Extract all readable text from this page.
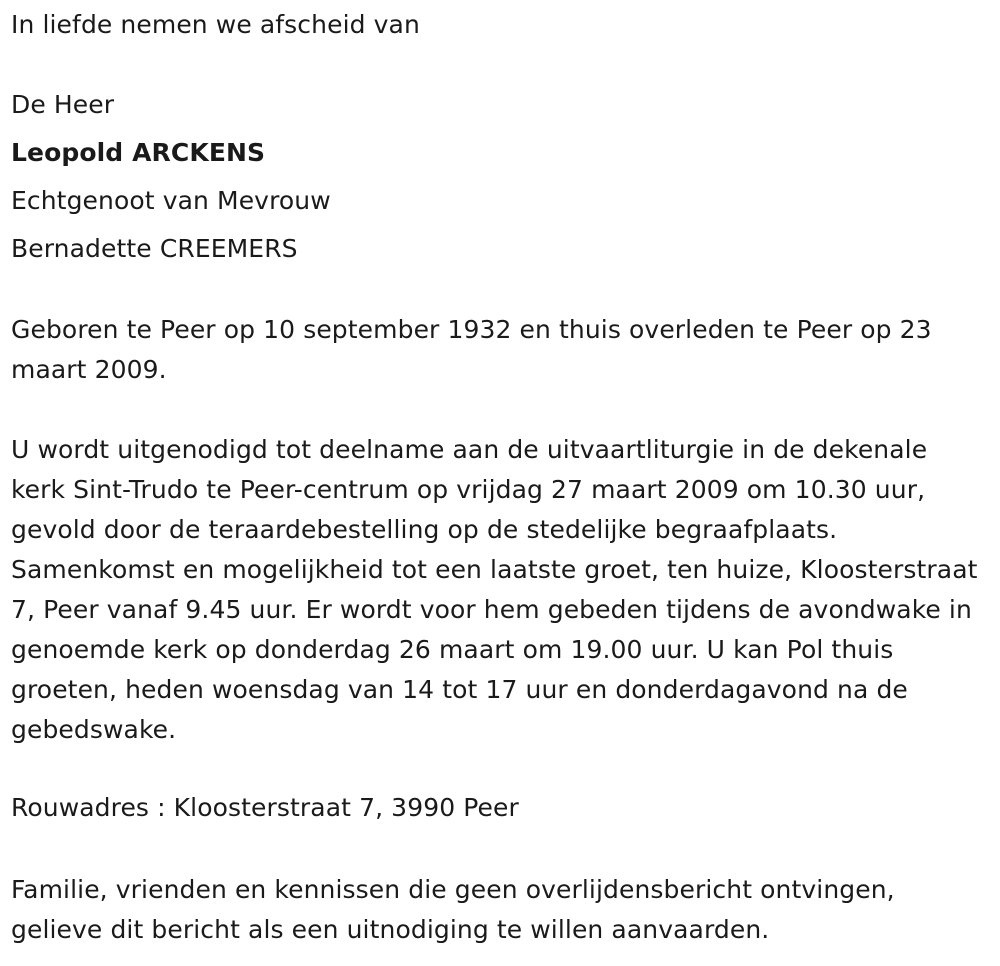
In liefde nemen we afscheid van
De Heer
Leopold ARCKENS
Echtgenoot van Mevrouw
Bernadette CREEMERS
Geboren te Peer op 10 september 1932 en thuis overleden te Peer op 23 maart 2009.
U wordt uitgenodigd tot deelname aan de uitvaartliturgie in de dekenale kerk Sint-Trudo te Peer-centrum op vrijdag 27 maart 2009 om 10.30 uur, gevold door de teraardebestelling op de stedelijke begraafplaats. Samenkomst en mogelijkheid tot een laatste groet, ten huize, Kloosterstraat 7, Peer vanaf 9.45 uur. Er wordt voor hem gebeden tijdens de avondwake in genoemde kerk op donderdag 26 maart om 19.00 uur. U kan Pol thuis groeten, heden woensdag van 14 tot 17 uur en donderdagavond na de gebedswake.
Rouwadres : Kloosterstraat 7, 3990 Peer
Familie, vrienden en kennissen die geen overlijdensbericht ontvingen, gelieve dit bericht als een uitnodiging te willen aanvaarden.
